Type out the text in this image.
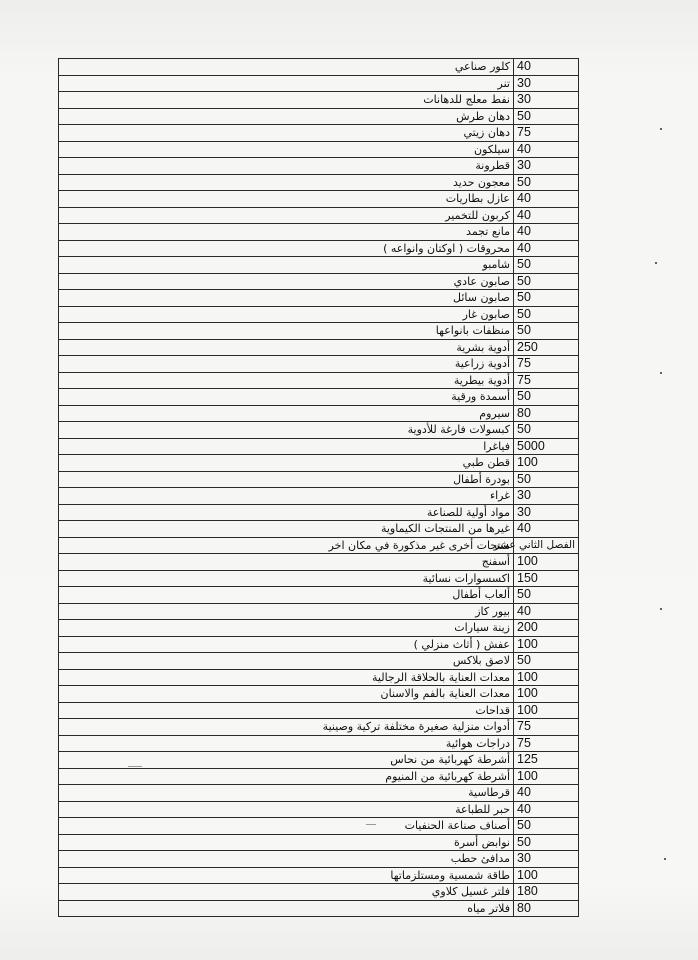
كلور صناعي	40
تنر	30
نفط معلج للدهانات	30
دهان طرش	50
دهان زيتي	75
سيلكون	40
قطرونة	30
معجون حديد	50
عازل بطاريات	40
كربون للتخمير	40
مانع تجمد	40
محروقات ( اوكتان وانواعه )	40
شامبو	50
صابون عادي	50
صابون سائل	50
صابون غار	50
منظفات بانواعها	50
أدوية بشرية	250
أدوية زراعية	75
أدوية بيطرية	75
أسمدة ورقية	50
سيروم	80
كبسولات فارغة للأدوية	50
فياغرا	5000
قطن طبي	100
بودرة أطفال	50
غراء	30
مواد أولية للصناعة	30
غيرها من المنتجات الكيماوية	40
منتجات أخرى غير مذكورة في مكان اخر	الفصل الثاني عشر
أسفنج	100
اكسسوارات نسائية	150
ألعاب أطفال	50
بيور كاز	40
زينة سيارات	200
عفش ( أثاث منزلي )	100
لاصق بلاكس	50
معدات العناية بالحلاقة الرجالية	100
معدات العناية بالفم والاسنان	100
قداحات	100
أدوات منزلية صغيرة مختلفة تركية وصينية	75
دراجات هوائية	75
أشرطة كهربائية من نحاس	125
أشرطة كهربائية من المنيوم	100
قرطاسية	40
حبر للطباعة	40
أصناف صناعة الحنفيات	50
نوابض أسرة	50
مدافئ حطب	30
طاقة شمسية ومستلزماتها	100
فلتر غسيل كلاوي	180
فلاتر مياه	80
